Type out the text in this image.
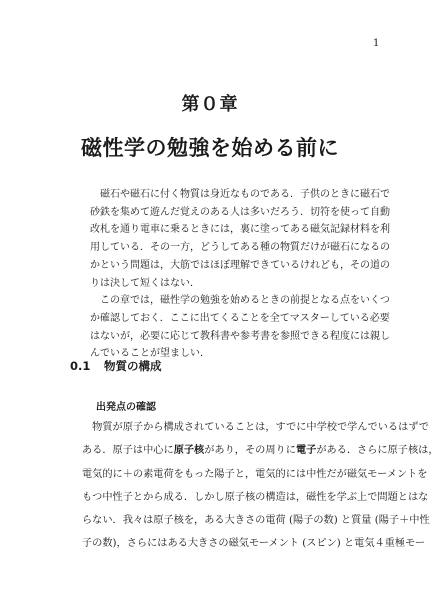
1
第０章
磁性学の勉強を始める前に

　磁石や磁石に付く物質は身近なものである．子供のときに磁石で

砂鉄を集めて遊んだ覚えのある人は多いだろう．切符を使って自動

改札を通り電車に乗るときには，裏に塗ってある磁気記録材料を利

用している．その一方，どうしてある種の物質だけが磁石になるの

かという問題は，大筋ではほぼ理解できているけれども，その道の

りは決して短くはない．

　この章では，磁性学の勉強を始めるときの前提となる点をいくつ

か確認しておく．ここに出てくることを全てマスターしている必要

はないが，必要に応じて教科書や参考書を参照できる程度には親し

んでいることが望ましい．

0.1 物質の構成
出発点の確認

　物質が原子から構成されていることは，すでに中学校で学んでいるはずで

ある．原子は中心に原子核があり，その周りに電子がある．さらに原子核は，

電気的に＋の素電荷をもった陽子と，電気的には中性だが磁気モーメントを

もつ中性子とから成る．しかし原子核の構造は，磁性を学ぶ上で問題とはな

らない．我々は原子核を，ある大きさの電荷 (陽子の数) と質量 (陽子＋中性

子の数)，さらにはある大きさの磁気モーメント (スピン) と電気４重極モー
